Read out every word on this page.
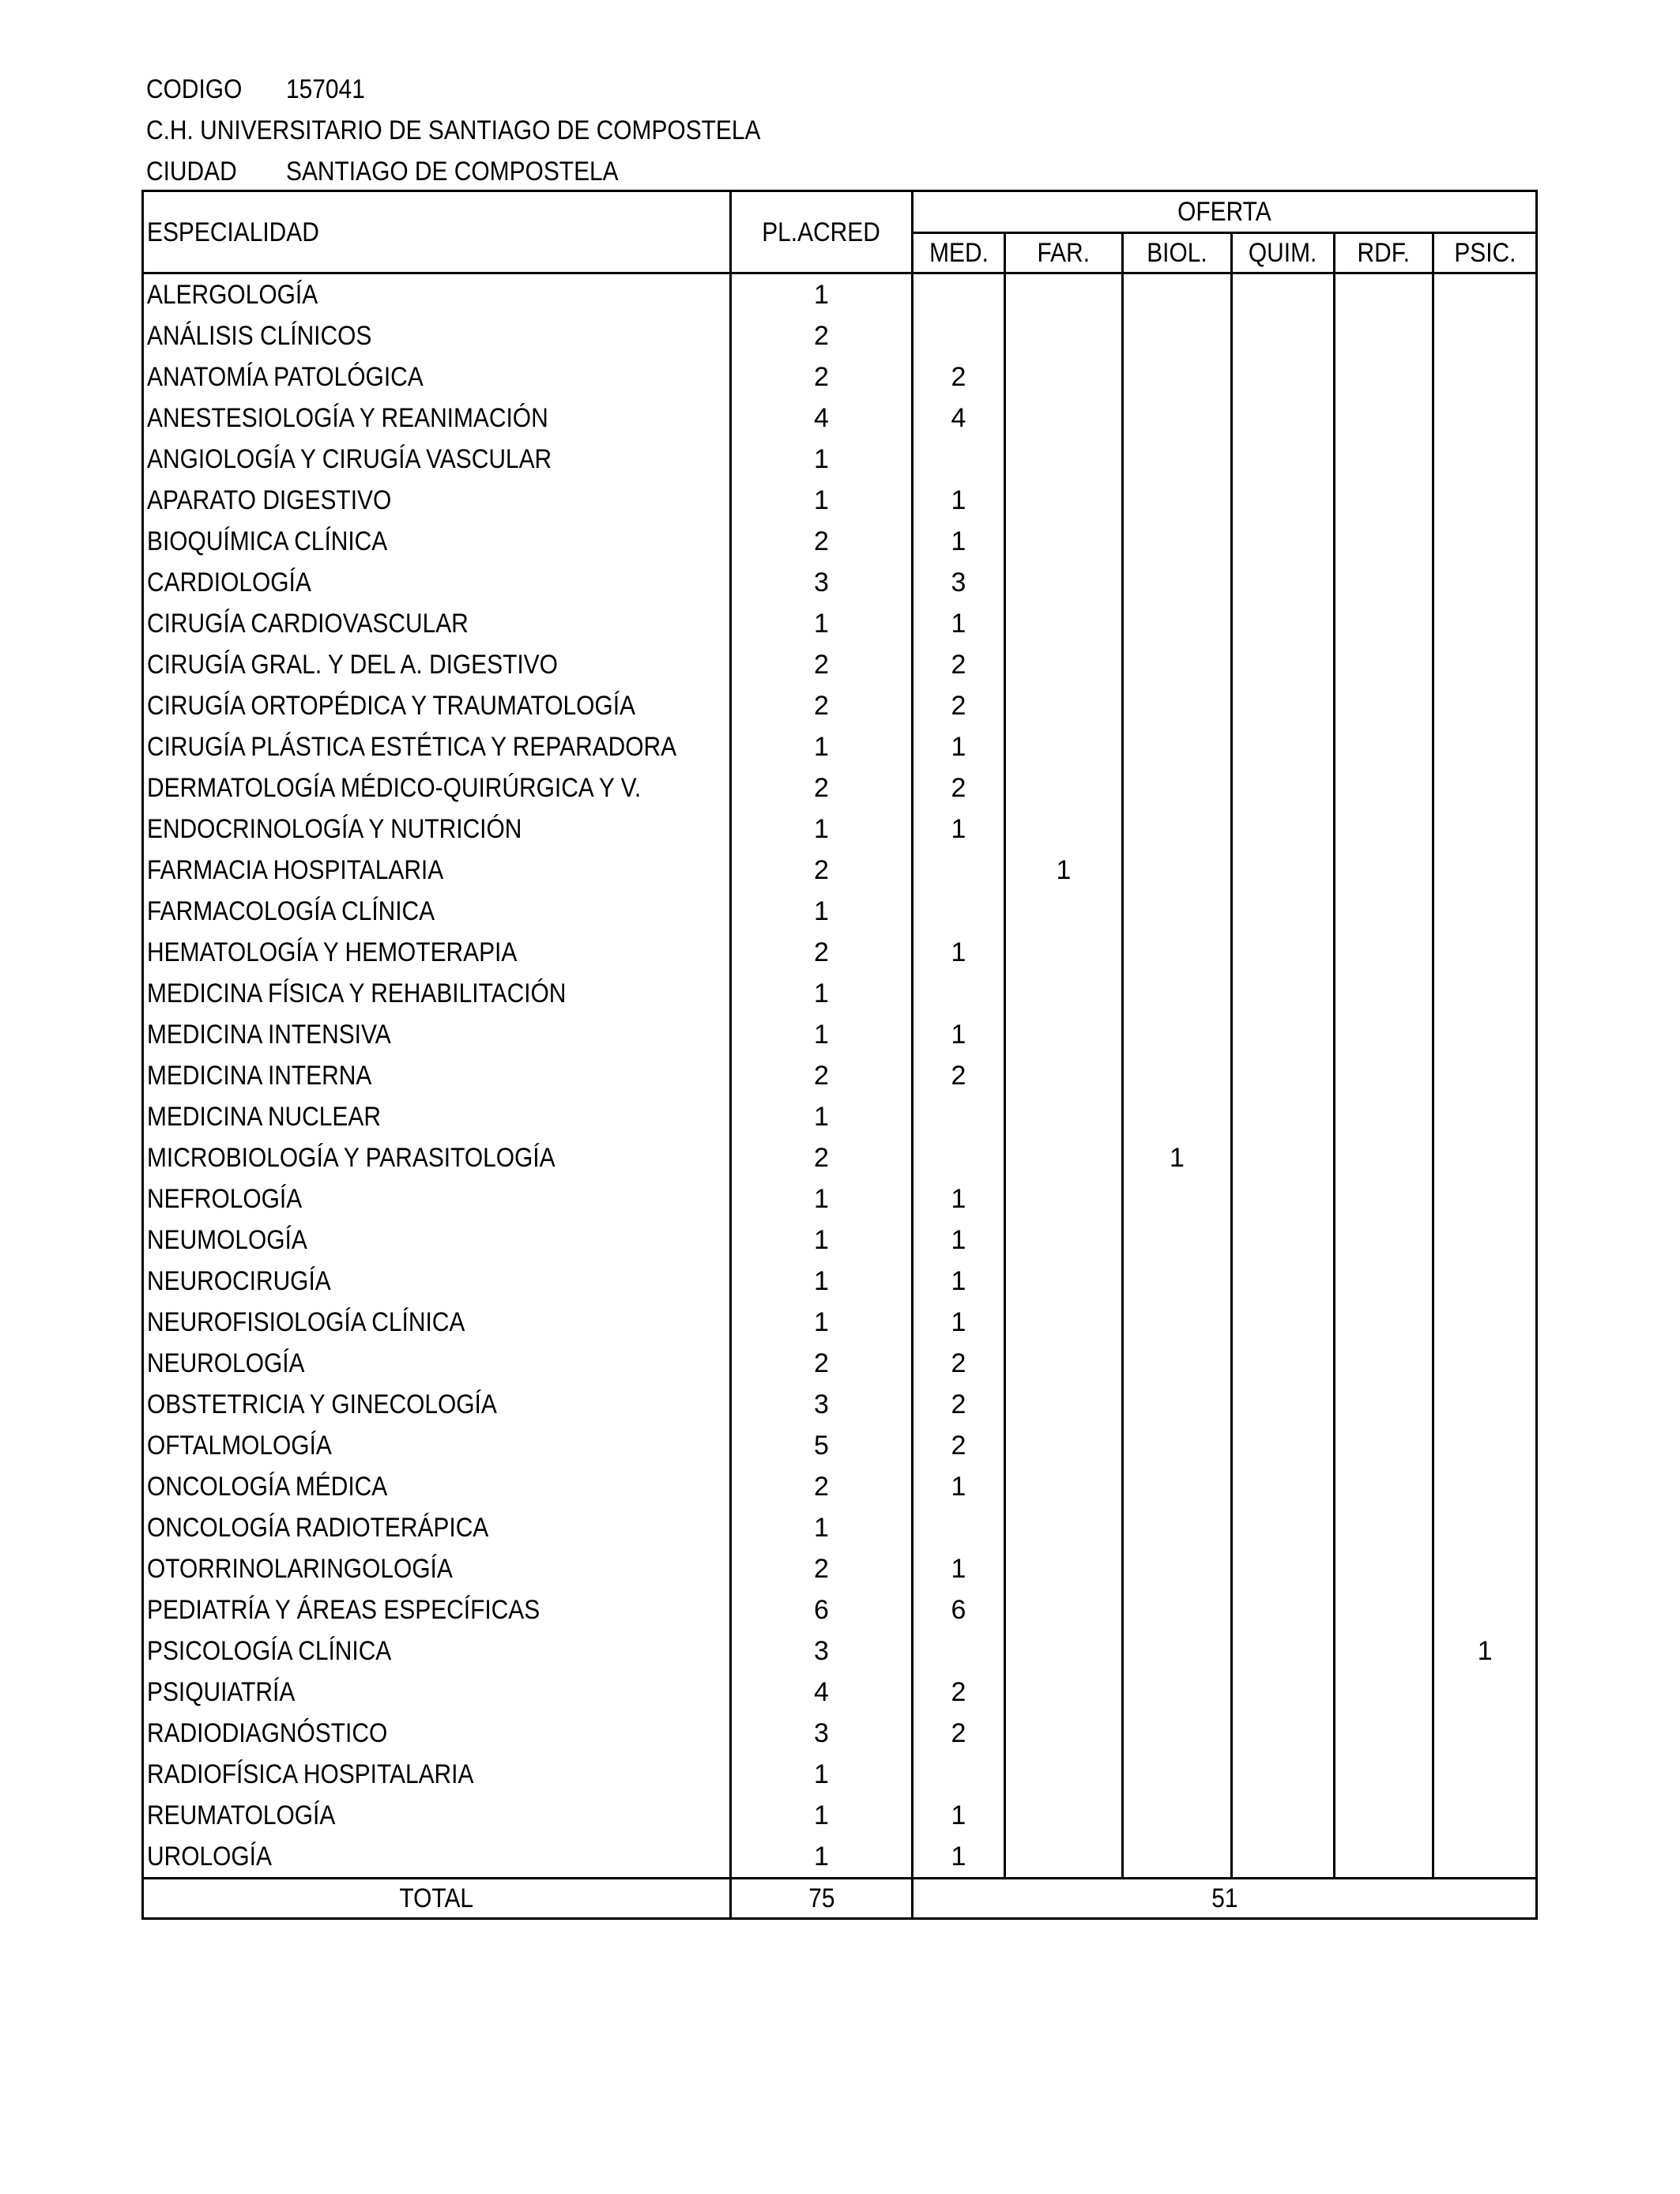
CODIGO 157041
C.H. UNIVERSITARIO DE SANTIAGO DE COMPOSTELA
CIUDAD SANTIAGO DE COMPOSTELA
ESPECIALIDAD	PL.ACRED	OFERTA					
		MED.	FAR.	BIOL.	QUIM.	RDF.	PSIC.
ALERGOLOGÍA	1						
ANÁLISIS CLÍNICOS	2						
ANATOMÍA PATOLÓGICA	2	2					
ANESTESIOLOGÍA Y REANIMACIÓN	4	4					
ANGIOLOGÍA Y CIRUGÍA VASCULAR	1						
APARATO DIGESTIVO	1	1					
BIOQUÍMICA CLÍNICA	2	1					
CARDIOLOGÍA	3	3					
CIRUGÍA CARDIOVASCULAR	1	1					
CIRUGÍA GRAL. Y DEL A. DIGESTIVO	2	2					
CIRUGÍA ORTOPÉDICA Y TRAUMATOLOGÍA	2	2					
CIRUGÍA PLÁSTICA ESTÉTICA Y REPARADORA	1	1					
DERMATOLOGÍA MÉDICO-QUIRÚRGICA Y V.	2	2					
ENDOCRINOLOGÍA Y NUTRICIÓN	1	1					
FARMACIA HOSPITALARIA	2		1				
FARMACOLOGÍA CLÍNICA	1						
HEMATOLOGÍA Y HEMOTERAPIA	2	1					
MEDICINA FÍSICA Y REHABILITACIÓN	1						
MEDICINA INTENSIVA	1	1					
MEDICINA INTERNA	2	2					
MEDICINA NUCLEAR	1						
MICROBIOLOGÍA Y PARASITOLOGÍA	2			1			
NEFROLOGÍA	1	1					
NEUMOLOGÍA	1	1					
NEUROCIRUGÍA	1	1					
NEUROFISIOLOGÍA CLÍNICA	1	1					
NEUROLOGÍA	2	2					
OBSTETRICIA Y GINECOLOGÍA	3	2					
OFTALMOLOGÍA	5	2					
ONCOLOGÍA MÉDICA	2	1					
ONCOLOGÍA RADIOTERÁPICA	1						
OTORRINOLARINGOLOGÍA	2	1					
PEDIATRÍA Y ÁREAS ESPECÍFICAS	6	6					
PSICOLOGÍA CLÍNICA	3						1
PSIQUIATRÍA	4	2					
RADIODIAGNÓSTICO	3	2					
RADIOFÍSICA HOSPITALARIA	1						
REUMATOLOGÍA	1	1					
UROLOGÍA	1	1					
TOTAL	75	51					
